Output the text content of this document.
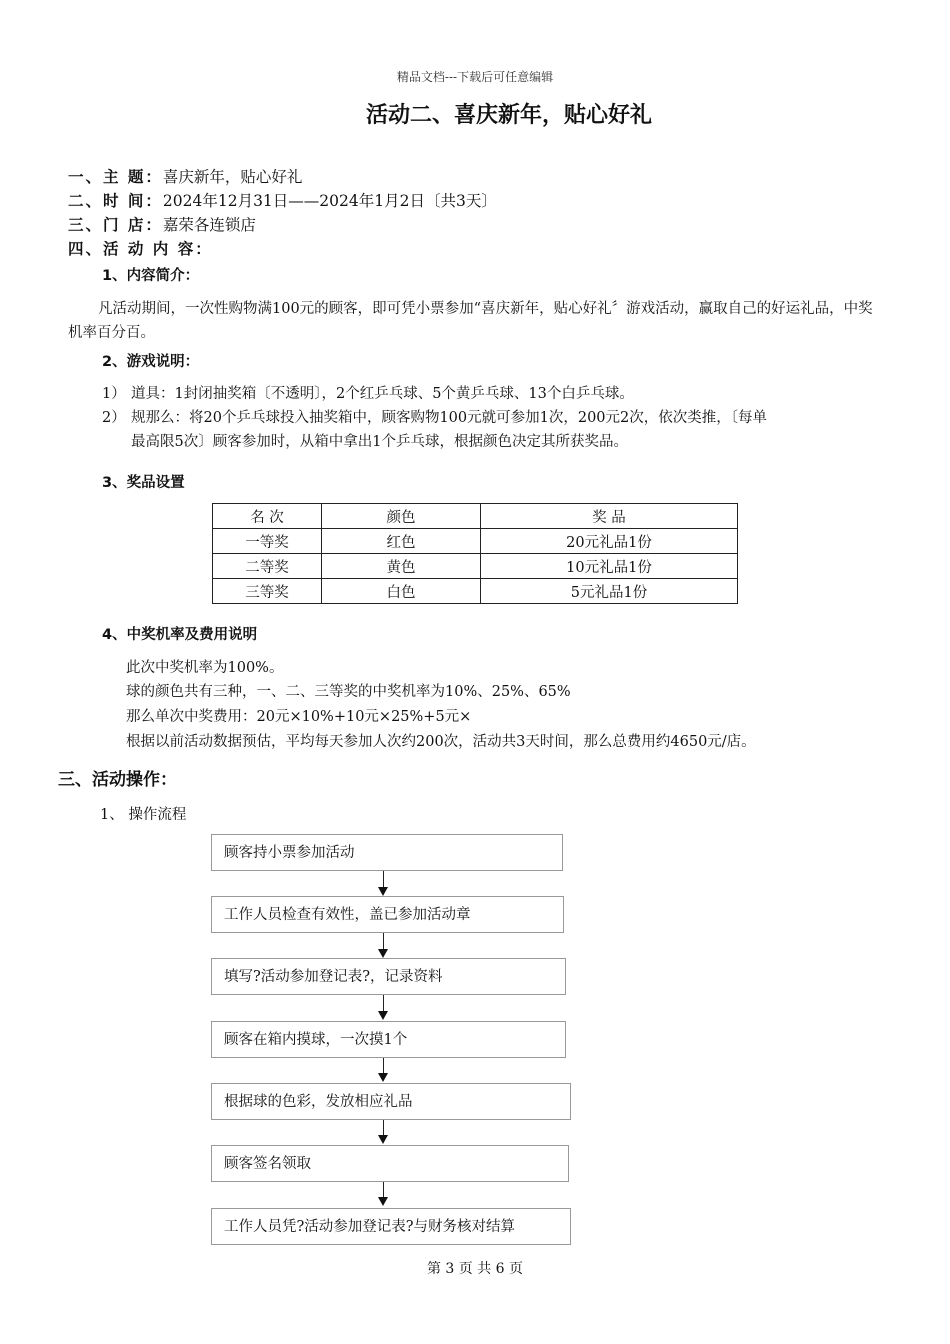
精品文档---下载后可任意编辑
活动二、喜庆新年，贴心好礼
一、主 题：喜庆新年，贴心好礼
二、时 间：2024年12月31日——2024年1月2日〔共3天〕
三、门 店：嘉荣各连锁店
四、活 动 内 容：
1、内容简介：
凡活动期间，一次性购物满100元的顾客，即可凭小票参加“喜庆新年，贴心好礼〞游戏活动，赢取自己的好运礼品，中奖机率百分百。
2、游戏说明：
1） 道具：1封闭抽奖箱〔不透明〕，2个红乒乓球、5个黄乒乓球、13个白乒乓球。
2） 规那么：将20个乒乓球投入抽奖箱中，顾客购物100元就可参加1次，200元2次，依次类推，〔每单
最高限5次〕顾客参加时，从箱中拿出1个乒乓球，根据颜色决定其所获奖品。
3、奖品设置
名 次	颜色	奖 品
一等奖	红色	20元礼品1份
二等奖	黄色	10元礼品1份
三等奖	白色	5元礼品1份
4、中奖机率及费用说明
此次中奖机率为100%。
球的颜色共有三种，一、二、三等奖的中奖机率为10%、25%、65%
那么单次中奖费用：20元×10%+10元×25%+5元×
根据以前活动数据预估，平均每天参加人次约200次，活动共3天时间，那么总费用约4650元/店。
三、活动操作：
1、 操作流程
顾客持小票参加活动
工作人员检查有效性，盖已参加活动章
填写?活动参加登记表?，记录资料
顾客在箱内摸球，一次摸1个
根据球的色彩，发放相应礼品
顾客签名领取
工作人员凭?活动参加登记表?与财务核对结算
第 3 页 共 6 页
